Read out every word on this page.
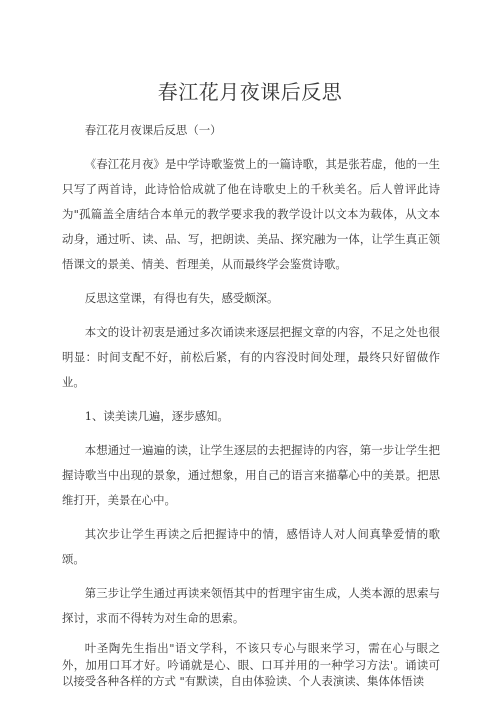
春江花月夜课后反思

春江花月夜课后反思（一）

《春江花月夜》是中学诗歌鉴赏上的一篇诗歌，其是张若虚，他的一生只写了两首诗，此诗恰恰成就了他在诗歌史上的千秋美名。后人曾评此诗为"孤篇盖全唐结合本单元的教学要求我的教学设计以文本为载体，从文本动身，通过听、读、品、写，把朗读、美品、探究融为一体，让学生真正领悟课文的景美、情美、哲理美，从而最终学会鉴赏诗歌。

反思这堂课，有得也有失，感受颇深。

本文的设计初衷是通过多次诵读来逐层把握文章的内容，不足之处也很明显：时间支配不好，前松后紧，有的内容没时间处理，最终只好留做作业。

1、读美读几遍，逐步感知。

本想通过一遍遍的读，让学生逐层的去把握诗的内容，第一步让学生把握诗歌当中出现的景象，通过想象，用自己的语言来描摹心中的美景。把思维打开，美景在心中。

其次步让学生再读之后把握诗中的情，感悟诗人对人间真挚爱情的歌颂。

第三步让学生通过再读来领悟其中的哲理宇宙生成，人类本源的思索与探讨，求而不得转为对生命的思索。

叶圣陶先生指出"语文学科，不该只专心与眼来学习，需在心与眼之外，加用口耳才好。吟诵就是心、眼、口耳并用的一种学习方法'。诵读可以接受各种各样的方式 "有默读，自由体验读、个人表演读、集体体悟读
